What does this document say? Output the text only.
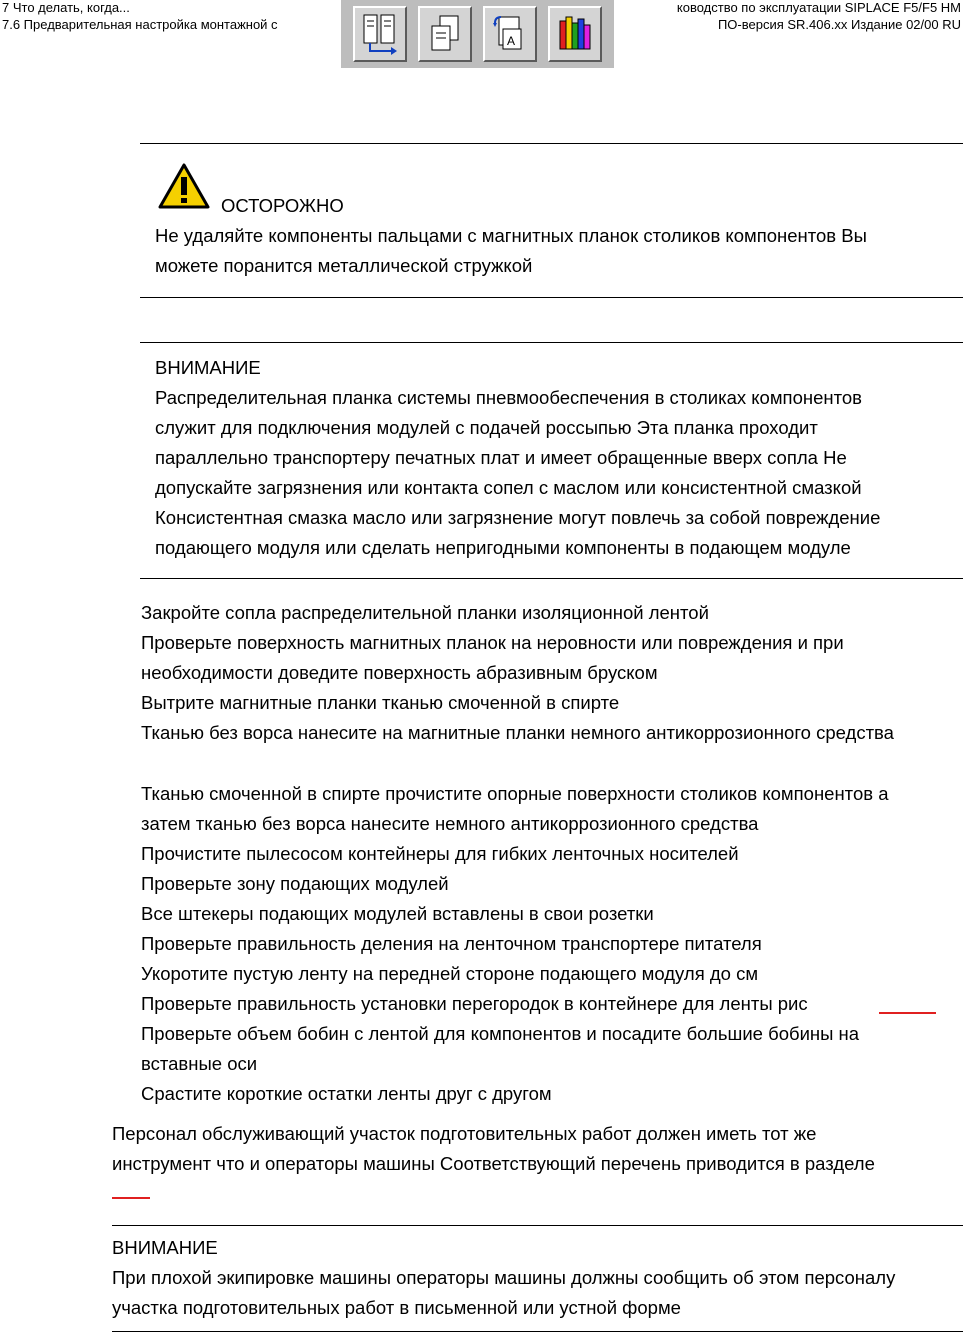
7 Что делать, когда...
7.6 Предварительная настройка монтажной с
ководство по эксплуатации SIPLACE F5/F5 HM
ПО-версия SR.406.xx Издание 02/00 RU
A
ОСТОРОЖНО
Не удаляйте компоненты пальцами с магнитных планок столиков компонентов Вы
можете поранится металлической стружкой
ВНИМАНИЕ
Распределительная планка системы пневмообеспечения в столиках компонентов
служит для подключения модулей с подачей россыпью Эта планка проходит
параллельно транспортеру печатных плат и имеет обращенные вверх сопла Не
допускайте загрязнения или контакта сопел с маслом или консистентной смазкой
Консистентная смазка масло или загрязнение могут повлечь за собой повреждение
подающего модуля или сделать непригодными компоненты в подающем модуле
Закройте сопла распределительной планки изоляционной лентой
Проверьте поверхность магнитных планок на неровности или повреждения и при
необходимости доведите поверхность абразивным бруском
Вытрите магнитные планки тканью смоченной в спирте
Тканью без ворса нанесите на магнитные планки немного антикоррозионного средства
Тканью смоченной в спирте прочистите опорные поверхности столиков компонентов а
затем тканью без ворса нанесите немного антикоррозионного средства
Прочистите пылесосом контейнеры для гибких ленточных носителей
Проверьте зону подающих модулей
Все штекеры подающих модулей вставлены в свои розетки
Проверьте правильность деления на ленточном транспортере питателя
Укоротите пустую ленту на передней стороне подающего модуля до см
Проверьте правильность установки перегородок в контейнере для ленты рис
Проверьте объем бобин с лентой для компонентов и посадите большие бобины на
вставные оси
Срастите короткие остатки ленты друг с другом
Персонал обслуживающий участок подготовительных работ должен иметь тот же
инструмент что и операторы машины Соответствующий перечень приводится в разделе
ВНИМАНИЕ
При плохой экипировке машины операторы машины должны сообщить об этом персоналу
участка подготовительных работ в письменной или устной форме
